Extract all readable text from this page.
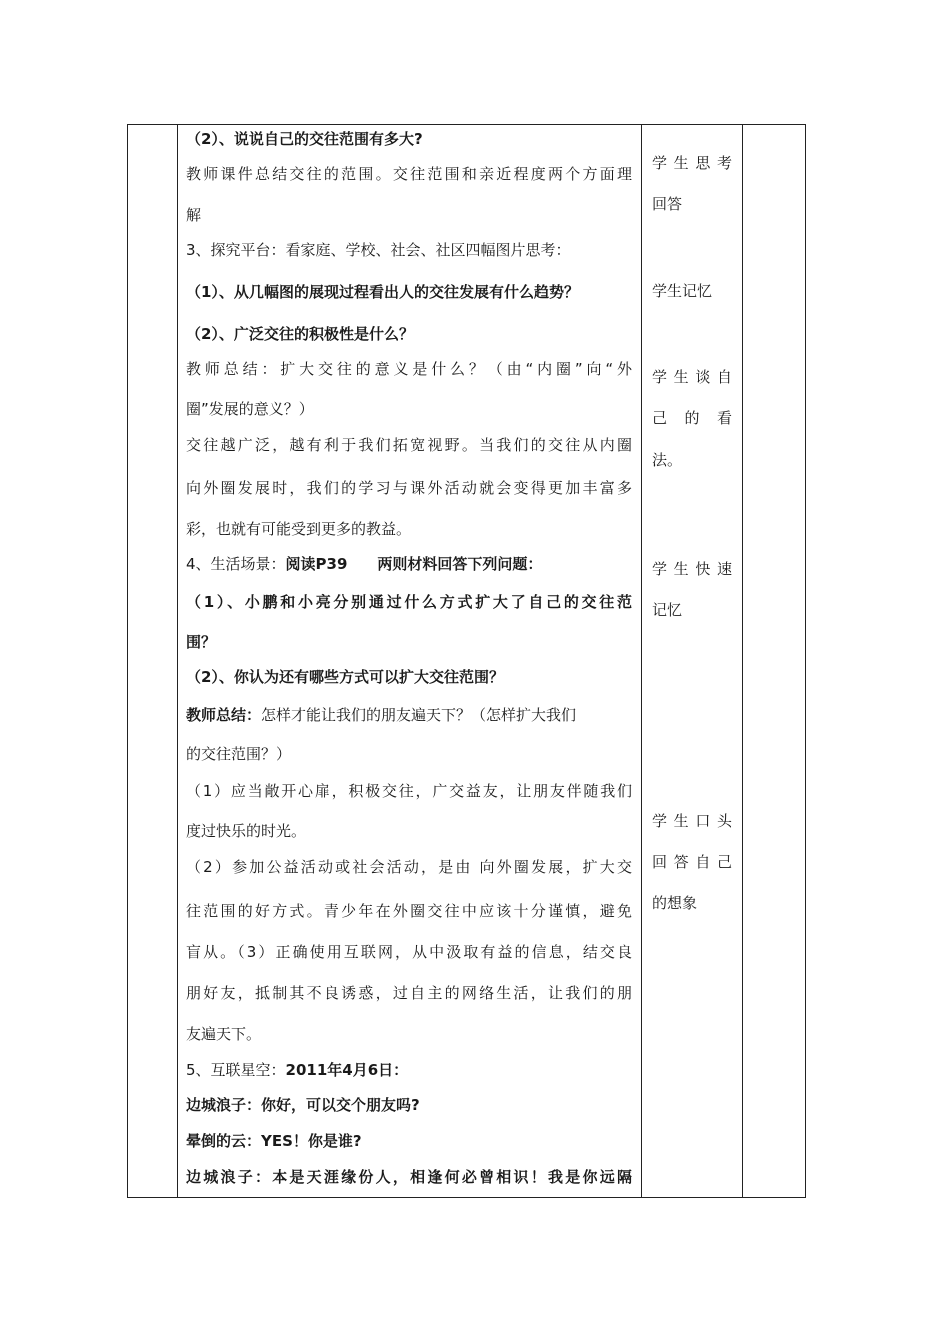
（2）、说说自己的交往范围有多大?
教师课件总结交往的范围。交往范围和亲近程度两个方面理
解
3、探究平台：看家庭、学校、社会、社区四幅图片思考：
（1）、从几幅图的展现过程看出人的交往发展有什么趋势？
（2）、广泛交往的积极性是什么？
教师总结：扩大交往的意义是什么？（由“内圈”向“外
圈”发展的意义？）
交往越广泛，越有利于我们拓宽视野。当我们的交往从内圈
向外圈发展时，我们的学习与课外活动就会变得更加丰富多
彩，也就有可能受到更多的教益。
4、生活场景：阅读P39　　两则材料回答下列问题：
（1）、小鹏和小亮分别通过什么方式扩大了自己的交往范
围？
（2）、你认为还有哪些方式可以扩大交往范围？
教师总结：怎样才能让我们的朋友遍天下？（怎样扩大我们
的交往范围？）
（1）应当敞开心扉，积极交往，广交益友，让朋友伴随我们
度过快乐的时光。
（2）参加公益活动或社会活动，是由 向外圈发展，扩大交
往范围的好方式。青少年在外圈交往中应该十分谨慎，避免
盲从。（3）正确使用互联网，从中汲取有益的信息，结交良
朋好友，抵制其不良诱惑，过自主的网络生活，让我们的朋
友遍天下。
5、互联星空：2011年4月6日：
边城浪子：你好，可以交个朋友吗?
晕倒的云：YES！你是谁?
边城浪子：本是天涯缘份人，相逢何必曾相识！我是你远隔
学生思考
回答
学生记忆
学生谈自
己的看
法。
学生快速
记忆
学生口头
回答自己
的想象
